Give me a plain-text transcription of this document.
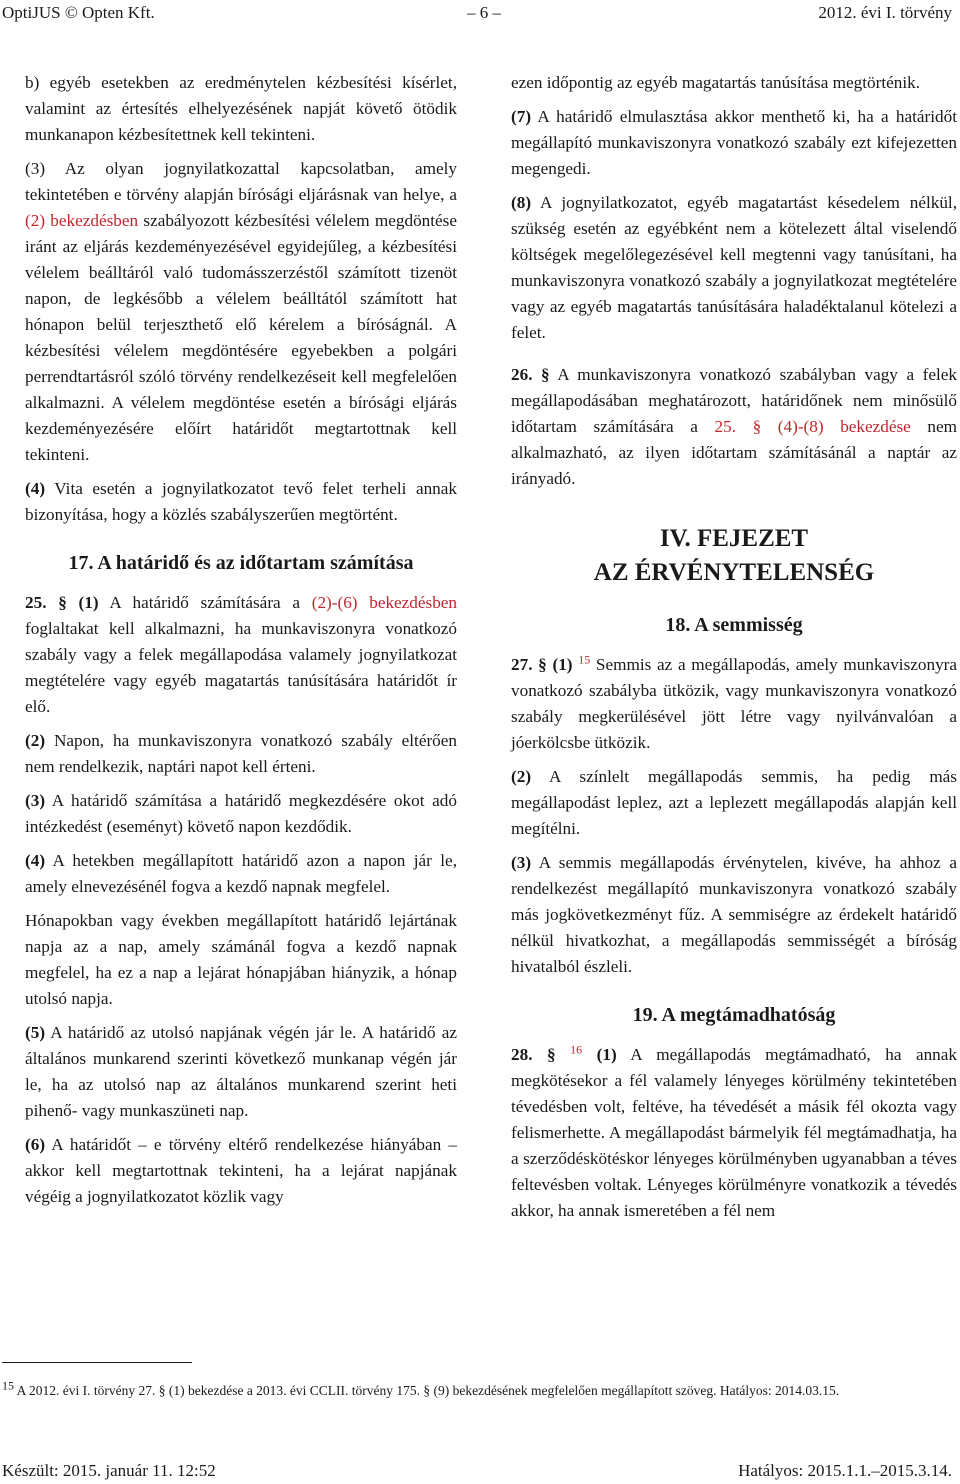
OptiJUS © Opten Kft.	– 6 –	2012. évi I. törvény

b) egyéb esetekben az eredménytelen kézbesítési kísérlet, valamint az értesítés elhelyezésének napját követő ötödik munkanapon kézbesítettnek kell tekinteni.

(3) Az olyan jognyilatkozattal kapcsolatban, amely tekintetében e törvény alapján bírósági eljárásnak van helye, a (2) bekezdésben szabályozott kézbesítési vélelem megdöntése iránt az eljárás kezdeményezésével egyidejűleg, a kézbesítési vélelem beálltáról való tudomásszerzéstől számított tizenöt napon, de legkésőbb a vélelem beálltától számított hat hónapon belül terjeszthető elő kérelem a bíróságnál. A kézbesítési vélelem megdöntésére egyebekben a polgári perrendtartásról szóló törvény rendelkezéseit kell megfelelően alkalmazni. A vélelem megdöntése esetén a bírósági eljárás kezdeményezésére előírt határidőt megtartottnak kell tekinteni.

(4) Vita esetén a jognyilatkozatot tevő felet terheli annak bizonyítása, hogy a közlés szabályszerűen megtörtént.

17. A határidő és az időtartam számítása

25. § (1) A határidő számítására a (2)-(6) bekezdésben foglaltakat kell alkalmazni, ha munkaviszonyra vonatkozó szabály vagy a felek megállapodása valamely jognyilatkozat megtételére vagy egyéb magatartás tanúsítására határidőt ír elő.

(2) Napon, ha munkaviszonyra vonatkozó szabály eltérően nem rendelkezik, naptári napot kell érteni.

(3) A határidő számítása a határidő megkezdésére okot adó intézkedést (eseményt) követő napon kezdődik.

(4) A hetekben megállapított határidő azon a napon jár le, amely elnevezésénél fogva a kezdő napnak megfelel.

Hónapokban vagy években megállapított határidő lejártának napja az a nap, amely számánál fogva a kezdő napnak megfelel, ha ez a nap a lejárat hónapjában hiányzik, a hónap utolsó napja.

(5) A határidő az utolsó napjának végén jár le. A határidő az általános munkarend szerinti következő munkanap végén jár le, ha az utolsó nap az általános munkarend szerint heti pihenő- vagy munkaszüneti nap.

(6) A határidőt – e törvény eltérő rendelkezése hiányában – akkor kell megtartottnak tekinteni, ha a lejárat napjának végéig a jognyilatkozatot közlik vagy

ezen időpontig az egyéb magatartás tanúsítása megtörténik.

(7) A határidő elmulasztása akkor menthető ki, ha a határidőt megállapító munkaviszonyra vonatkozó szabály ezt kifejezetten megengedi.

(8) A jognyilatkozatot, egyéb magatartást késedelem nélkül, szükség esetén az egyébként nem a kötelezett által viselendő költségek megelőlegezésével kell megtenni vagy tanúsítani, ha munkaviszonyra vonatkozó szabály a jognyilatkozat megtételére vagy az egyéb magatartás tanúsítására haladéktalanul kötelezi a felet.

26. § A munkaviszonyra vonatkozó szabályban vagy a felek megállapodásában meghatározott, határidőnek nem minősülő időtartam számítására a 25. § (4)-(8) bekezdése nem alkalmazható, az ilyen időtartam számításánál a naptár az irányadó.

IV. FEJEZET
AZ ÉRVÉNYTELENSÉG
18. A semmisség

27. § (1) $^{15}$ Semmis az a megállapodás, amely munkaviszonyra vonatkozó szabályba ütközik, vagy munkaviszonyra vonatkozó szabály megkerülésével jött létre vagy nyilvánvalóan a jóerkölcsbe ütközik.

(2) A színlelt megállapodás semmis, ha pedig más megállapodást leplez, azt a leplezett megállapodás alapján kell megítélni.

(3) A semmis megállapodás érvénytelen, kivéve, ha ahhoz a rendelkezést megállapító munkaviszonyra vonatkozó szabály más jogkövetkezményt fűz. A semmiségre az érdekelt határidő nélkül hivatkozhat, a megállapodás semmisségét a bíróság hivatalból észleli.

19. A megtámadhatóság

28. § $^{16}$ (1) A megállapodás megtámadható, ha annak megkötésekor a fél valamely lényeges körülmény tekintetében tévedésben volt, feltéve, ha tévedését a másik fél okozta vagy felismerhette. A megállapodást bármelyik fél megtámadhatja, ha a szerződéskötéskor lényeges körülményben ugyanabban a téves feltevésben voltak. Lényeges körülményre vonatkozik a tévedés akkor, ha annak ismeretében a fél nem

$^{15}$ A 2012. évi I. törvény 27. § (1) bekezdése a 2013. évi CCLII. törvény 175. § (9) bekezdésének megfelelően megállapított szöveg. Hatályos: 2014.03.15.
Készült: 2015. január 11. 12:52	Hatályos: 2015.1.1.–2015.3.14.
